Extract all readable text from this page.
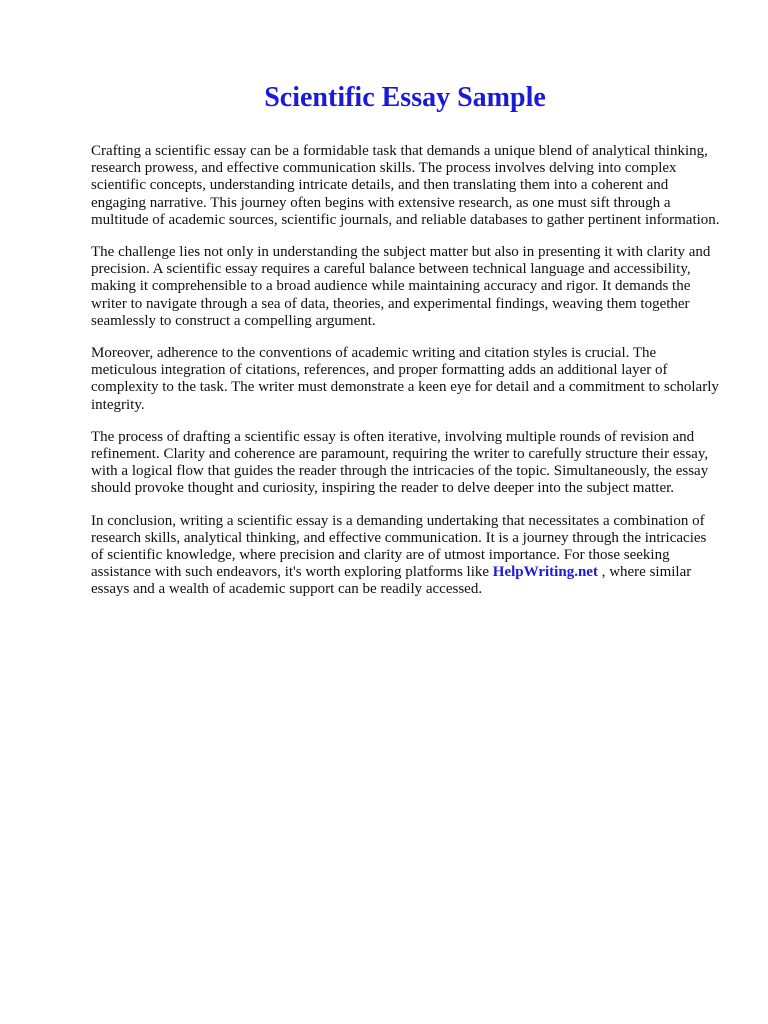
Scientific Essay Sample

Crafting a scientific essay can be a formidable task that demands a unique blend of analytical thinking, research prowess, and effective communication skills. The process involves delving into complex scientific concepts, understanding intricate details, and then translating them into a coherent and engaging narrative. This journey often begins with extensive research, as one must sift through a multitude of academic sources, scientific journals, and reliable databases to gather pertinent information.

The challenge lies not only in understanding the subject matter but also in presenting it with clarity and precision. A scientific essay requires a careful balance between technical language and accessibility, making it comprehensible to a broad audience while maintaining accuracy and rigor. It demands the writer to navigate through a sea of data, theories, and experimental findings, weaving them together seamlessly to construct a compelling argument.

Moreover, adherence to the conventions of academic writing and citation styles is crucial. The meticulous integration of citations, references, and proper formatting adds an additional layer of complexity to the task. The writer must demonstrate a keen eye for detail and a commitment to scholarly integrity.

The process of drafting a scientific essay is often iterative, involving multiple rounds of revision and refinement. Clarity and coherence are paramount, requiring the writer to carefully structure their essay, with a logical flow that guides the reader through the intricacies of the topic. Simultaneously, the essay should provoke thought and curiosity, inspiring the reader to delve deeper into the subject matter.

In conclusion, writing a scientific essay is a demanding undertaking that necessitates a combination of research skills, analytical thinking, and effective communication. It is a journey through the intricacies of scientific knowledge, where precision and clarity are of utmost importance. For those seeking assistance with such endeavors, it's worth exploring platforms like HelpWriting.net , where similar essays and a wealth of academic support can be readily accessed.
